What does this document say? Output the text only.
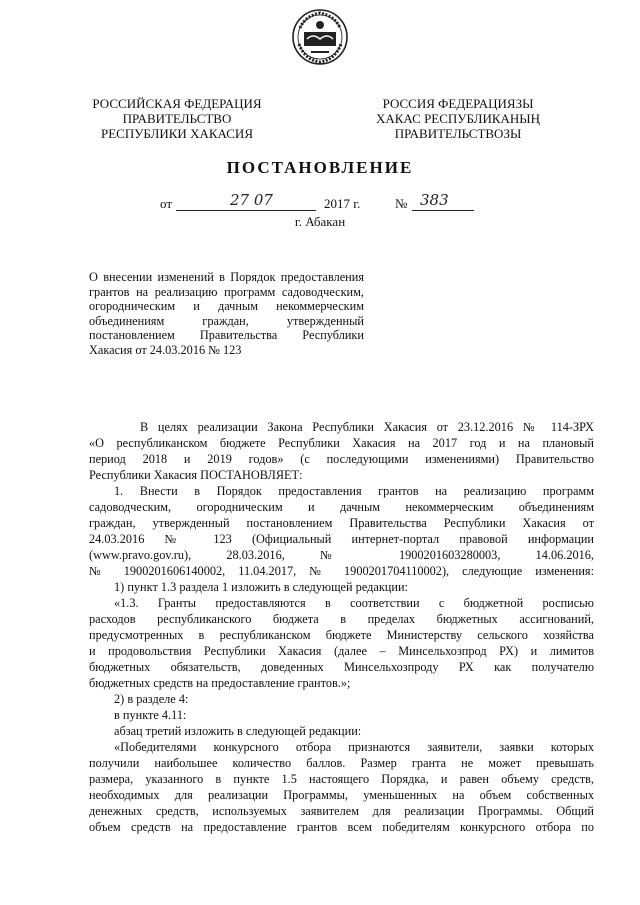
РОССИЙСКАЯ ФЕДЕРАЦИЯ
ПРАВИТЕЛЬСТВО
РЕСПУБЛИКИ ХАКАСИЯ
РОССИЯ ФЕДЕРАЦИЯЗЫ
ХАКАС РЕСПУБЛИКАНЫҢ
ПРАВИТЕЛЬСТВОЗЫ
ПОСТАНОВЛЕНИЕ
от	27 07	2017 г.	№ 383
г. Абакан

О внесении изменений в Порядок предоставления грантов на реализацию программ садоводческим, огородническим и дачным некоммерческим объединениям граждан, утвержденный постановлением Правительства Республики Хакасия от 24.03.2016 № 123

В целях реализации Закона Республики Хакасия от 23.12.2016 № 114-ЗРХ
«О республиканском бюджете Республики Хакасия на 2017 год и на плановый
период 2018 и 2019 годов» (с последующими изменениями) Правительство
Республики Хакасия ПОСТАНОВЛЯЕТ:
1. Внести в Порядок предоставления грантов на реализацию программ
садоводческим, огородническим и дачным некоммерческим объединениям
граждан, утвержденный постановлением Правительства Республики Хакасия от
24.03.2016 № 123 (Официальный интернет-портал правовой информации
(www.pravo.gov.ru), 28.03.2016, № 1900201603280003, 14.06.2016,
№ 1900201606140002, 11.04.2017, № 1900201704110002), следующие изменения:
1) пункт 1.3 раздела 1 изложить в следующей редакции:
«1.3. Гранты предоставляются в соответствии с бюджетной росписью
расходов республиканского бюджета в пределах бюджетных ассигнований,
предусмотренных в республиканском бюджете Министерству сельского хозяйства
и продовольствия Республики Хакасия (далее – Минсельхозпрод РХ) и лимитов
бюджетных обязательств, доведенных Минсельхозпроду РХ как получателю
бюджетных средств на предоставление грантов.»;
2) в разделе 4:
в пункте 4.11:
абзац третий изложить в следующей редакции:
«Победителями конкурсного отбора признаются заявители, заявки которых
получили наибольшее количество баллов. Размер гранта не может превышать
размера, указанного в пункте 1.5 настоящего Порядка, и равен объему средств,
необходимых для реализации Программы, уменьшенных на объем собственных
денежных средств, используемых заявителем для реализации Программы. Общий
объем средств на предоставление грантов всем победителям конкурсного отбора по
